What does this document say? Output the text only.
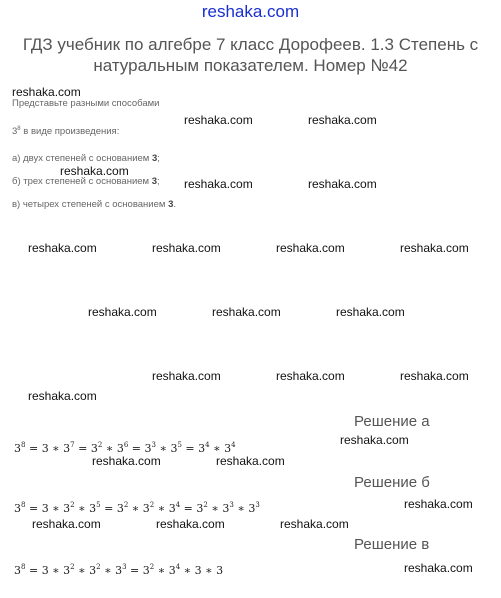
reshaka.com
ГДЗ учебник по алгебре 7 класс Дорофеев. 1.3 Степень с натуральным показателем. Номер №42
Представьте разными способами
$3^8$ в виде произведения:
а) двух степеней с основанием 3;
б) трех степеней с основанием 3;
в) четырех степеней с основанием 3.
Решение а
Решение б
Решение в
$3^8 = 3$ ∗ $3^7 = 3^2$ ∗ $3^6 = 3^3$ ∗ $3^5 = 3^4$ ∗ $3^4$
$3^8 = 3$ ∗ $3^2$ ∗ $3^5 = 3^2$ ∗ $3^2$ ∗ $3^4 = 3^2$ ∗ $3^3$ ∗ $3^3$
$3^8 = 3$ ∗ $3^2$ ∗ $3^2$ ∗ $3^3 = 3^2$ ∗ $3^4$ ∗ 3 ∗ 3
reshaka.com
reshaka.com	reshaka.com
reshaka.com
reshaka.com	reshaka.com
reshaka.com	reshaka.com	reshaka.com	reshaka.com
reshaka.com	reshaka.com	reshaka.com
reshaka.com	reshaka.com	reshaka.com
reshaka.com
reshaka.com
reshaka.com	reshaka.com
reshaka.com
reshaka.com	reshaka.com	reshaka.com
reshaka.com
